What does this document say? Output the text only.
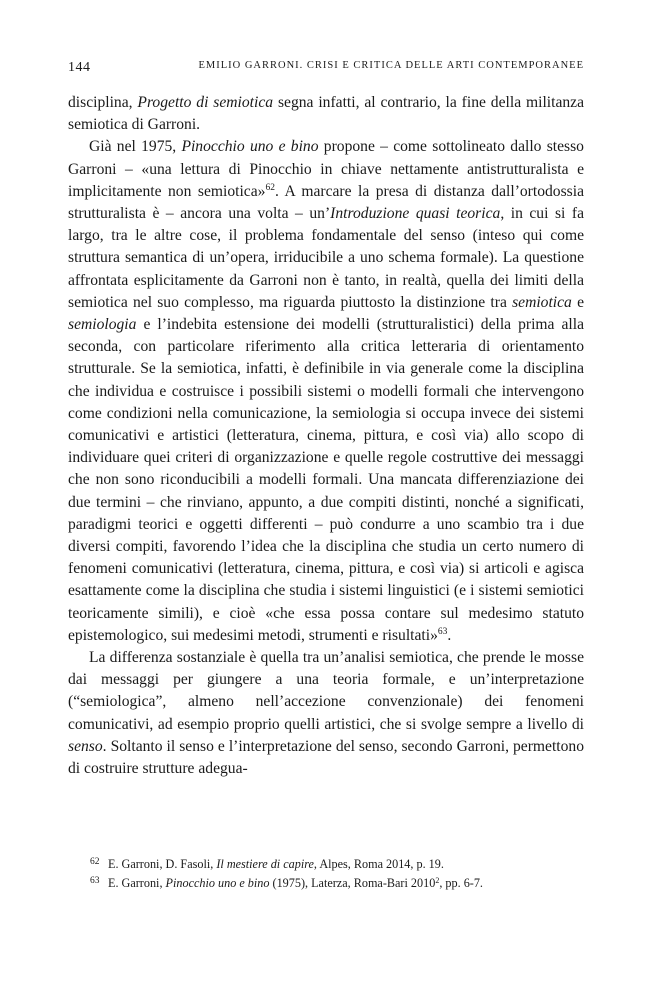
144	EMILIO GARRONI. CRISI E CRITICA DELLE ARTI CONTEMPORANEE

disciplina, Progetto di semiotica segna infatti, al contrario, la fine della militanza semiotica di Garroni.

Già nel 1975, Pinocchio uno e bino propone – come sottolineato dallo stesso Garroni – «una lettura di Pinocchio in chiave nettamente antistrutturalista e implicitamente non semiotica»$^{62}$. A marcare la presa di distanza dall’ortodossia strutturalista è – ancora una volta – un’Introduzione quasi teorica, in cui si fa largo, tra le altre cose, il problema fondamentale del senso (inteso qui come struttura semantica di un’opera, irriducibile a uno schema formale). La questione affrontata esplicitamente da Garroni non è tanto, in realtà, quella dei limiti della semiotica nel suo complesso, ma riguarda piuttosto la distinzione tra semiotica e semiologia e l’indebita estensione dei modelli (strutturalistici) della prima alla seconda, con particolare riferimento alla critica letteraria di orientamento strutturale. Se la semiotica, infatti, è definibile in via generale come la disciplina che individua e costruisce i possibili sistemi o modelli formali che intervengono come condizioni nella comunicazione, la semiologia si occupa invece dei sistemi comunicativi e artistici (letteratura, cinema, pittura, e così via) allo scopo di individuare quei criteri di organizzazione e quelle regole costruttive dei messaggi che non sono riconducibili a modelli formali. Una mancata differenziazione dei due termini – che rinviano, appunto, a due compiti distinti, nonché a significati, paradigmi teorici e oggetti differenti – può condurre a uno scambio tra i due diversi compiti, favorendo l’idea che la disciplina che studia un certo numero di fenomeni comunicativi (letteratura, cinema, pittura, e così via) si articoli e agisca esattamente come la disciplina che studia i sistemi linguistici (e i sistemi semiotici teoricamente simili), e cioè «che essa possa contare sul medesimo statuto epistemologico, sui medesimi metodi, strumenti e risultati»$^{63}$.

La differenza sostanziale è quella tra un’analisi semiotica, che prende le mosse dai messaggi per giungere a una teoria formale, e un’interpretazione (“semiologica”, almeno nell’accezione convenzionale) dei fenomeni comunicativi, ad esempio proprio quelli artistici, che si svolge sempre a livello di senso. Soltanto il senso e l’interpretazione del senso, secondo Garroni, permettono di costruire strutture adegua-

62 E. Garroni, D. Fasoli, Il mestiere di capire, Alpes, Roma 2014, p. 19.
63 E. Garroni, Pinocchio uno e bino (1975), Laterza, Roma-Bari 2010$^2$, pp. 6-7.
